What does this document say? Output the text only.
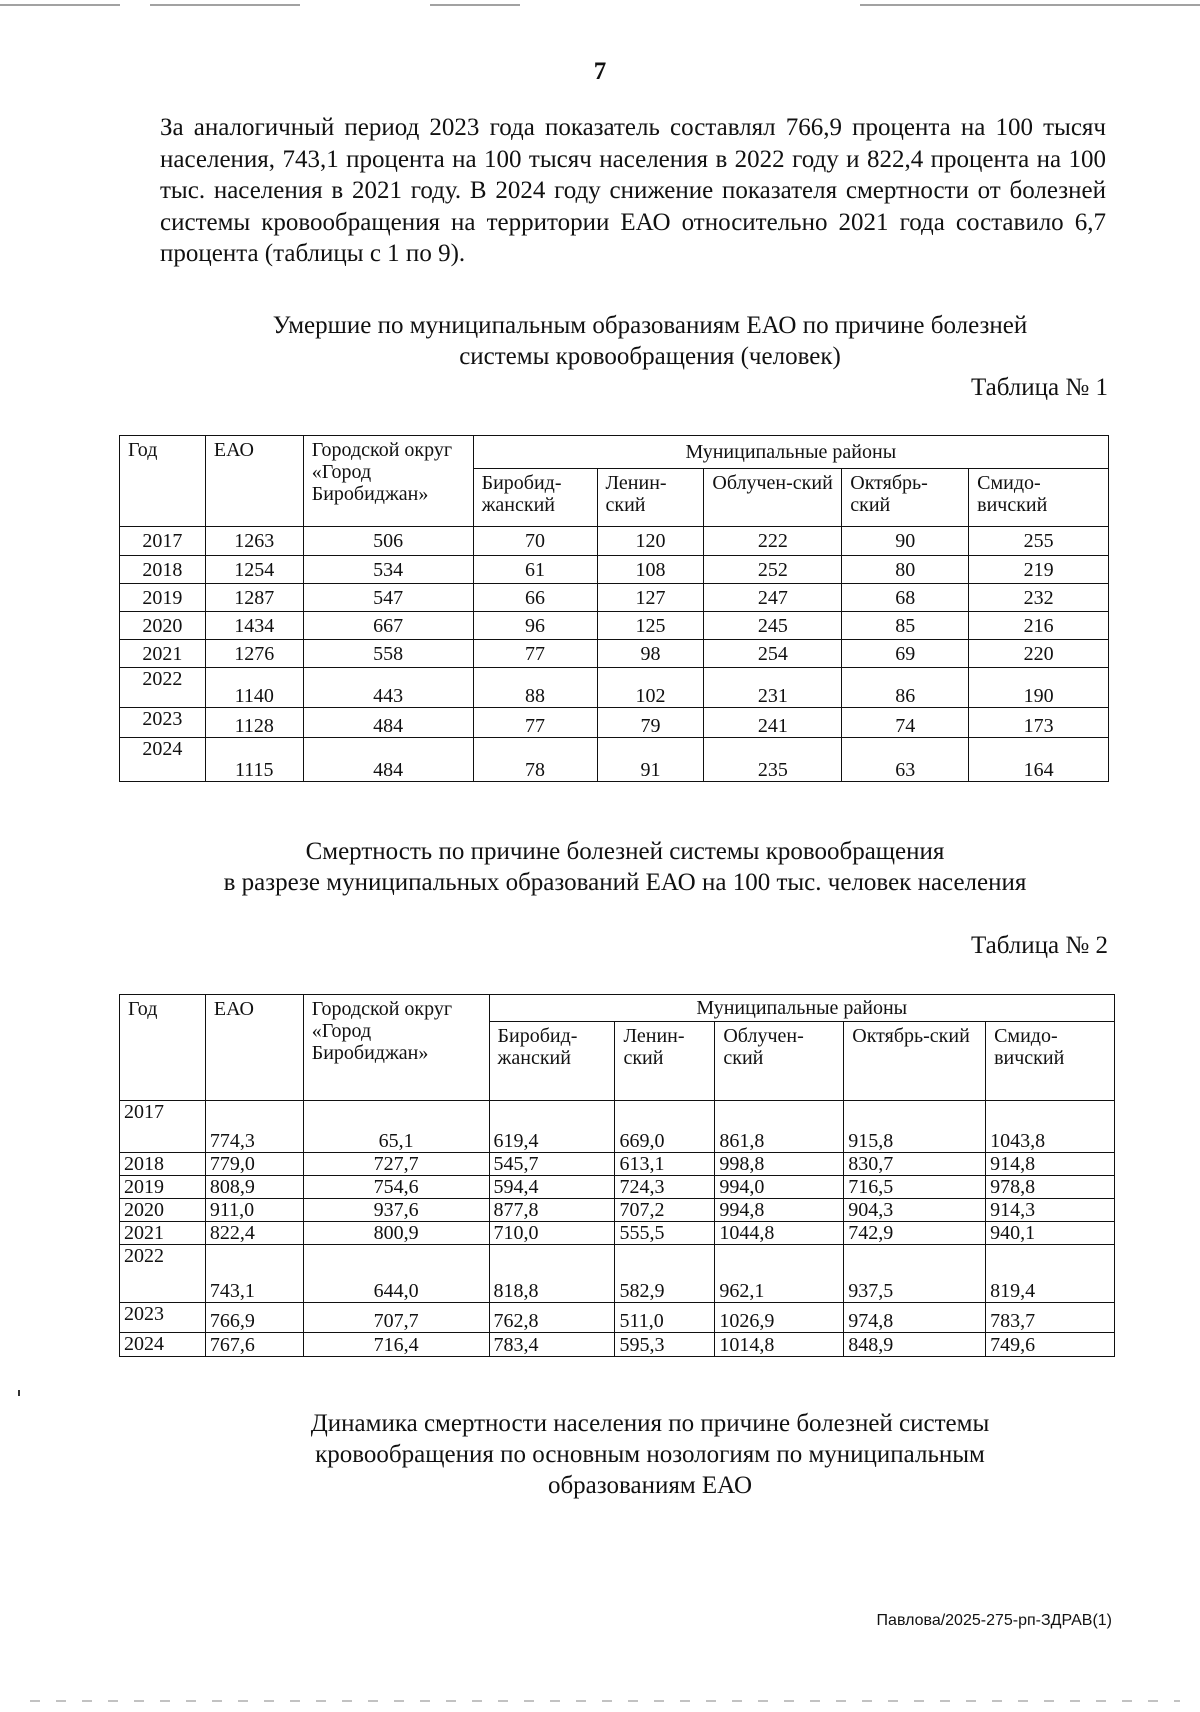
7

За аналогичный период 2023 года показатель составлял 766,9 процента на 100 тысяч населения, 743,1 процента на 100 тысяч населения в 2022 году и 822,4 процента на 100 тыс. населения в 2021 году. В 2024 году снижение показателя смертности от болезней системы кровообращения на территории ЕАО относительно 2021 года составило 6,7 процента (таблицы с 1 по 9).

Умершие по муниципальным образованиям ЕАО по причине болезней
системы кровообращения (человек)
Таблица № 1
Год	ЕАО	Городской округ «Город Биробиджан»	Муниципальные районы				
			Биробид-жанский	Ленин-ский	Облучен-ский	Октябрь-ский	Смидо-вичский
2017	1263	506	70	120	222	90	255
2018	1254	534	61	108	252	80	219
2019	1287	547	66	127	247	68	232
2020	1434	667	96	125	245	85	216
2021	1276	558	77	98	254	69	220
2022	1140	443	88	102	231	86	190
2023	1128	484	77	79	241	74	173
2024	1115	484	78	91	235	63	164
Смертность по причине болезней системы кровообращения
в разрезе муниципальных образований ЕАО на 100 тыс. человек населения
Таблица № 2
Год	ЕАО	Городской округ «Город Биробиджан»	Муниципальные районы				
			Биробид-жанский	Ленин-ский	Облучен-ский	Октябрь-ский	Смидо-вичский
2017	774,3	65,1	619,4	669,0	861,8	915,8	1043,8
2018	779,0	727,7	545,7	613,1	998,8	830,7	914,8
2019	808,9	754,6	594,4	724,3	994,0	716,5	978,8
2020	911,0	937,6	877,8	707,2	994,8	904,3	914,3
2021	822,4	800,9	710,0	555,5	1044,8	742,9	940,1
2022	743,1	644,0	818,8	582,9	962,1	937,5	819,4
2023	766,9	707,7	762,8	511,0	1026,9	974,8	783,7
2024	767,6	716,4	783,4	595,3	1014,8	848,9	749,6
Динамика смертности населения по причине болезней системы
кровообращения по основным нозологиям по муниципальным
образованиям ЕАО
Павлова/2025-275-рп-ЗДРАВ(1)
